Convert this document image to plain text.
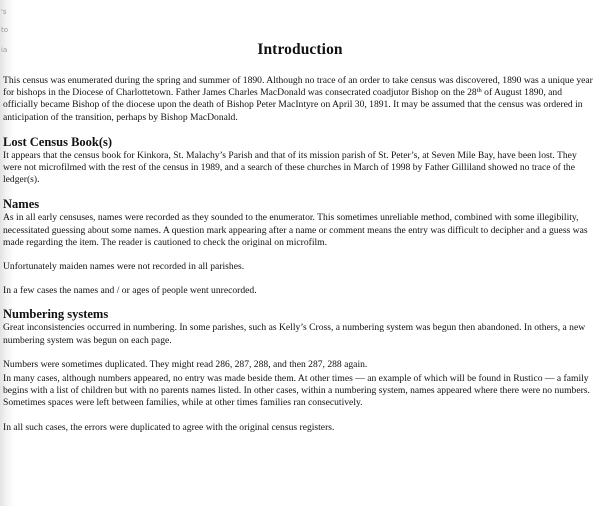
's
to
ia	Introduction

This census was enumerated during the spring and summer of 1890. Although no trace of an order to take census was discovered, 1890 was a unique year for bishops in the Diocese of Charlottetown. Father James Charles MacDonald was consecrated coadjutor Bishop on the 28th of August 1890, and officially became Bishop of the diocese upon the death of Bishop Peter MacIntyre on April 30, 1891. It may be assumed that the census was ordered in anticipation of the transition, perhaps by Bishop MacDonald.

Lost Census Book(s)

It appears that the census book for Kinkora, St. Malachy’s Parish and that of its mission parish of St. Peter’s, at Seven Mile Bay, have been lost. They were not microfilmed with the rest of the census in 1989, and a search of these churches in March of 1998 by Father Gilliland showed no trace of the ledger(s).

Names

As in all early censuses, names were recorded as they sounded to the enumerator. This sometimes unreliable method, combined with some illegibility, necessitated guessing about some names. A question mark appearing after a name or comment means the entry was difficult to decipher and a guess was made regarding the item. The reader is cautioned to check the original on microfilm.

Unfortunately maiden names were not recorded in all parishes.

In a few cases the names and / or ages of people went unrecorded.

Numbering systems

Great inconsistencies occurred in numbering. In some parishes, such as Kelly’s Cross, a numbering system was begun then abandoned. In others, a new numbering system was begun on each page.

Numbers were sometimes duplicated. They might read 286, 287, 288, and then 287, 288 again.

In many cases, although numbers appeared, no entry was made beside them. At other times — an example of which will be found in Rustico — a family begins with a list of children but with no parents names listed. In other cases, within a numbering system, names appeared where there were no numbers. Sometimes spaces were left between families, while at other times families ran consecutively.

In all such cases, the errors were duplicated to agree with the original census registers.
